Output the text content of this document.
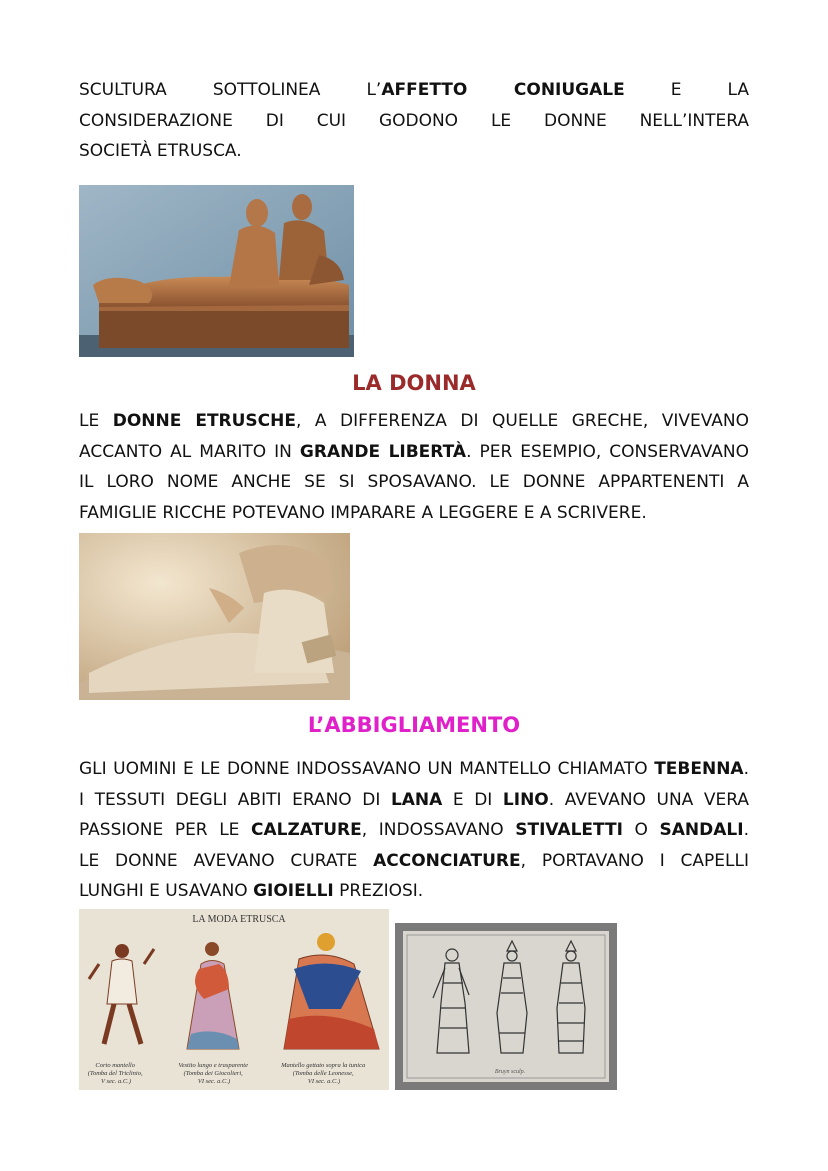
SCULTURA SOTTOLINEA L’AFFETTO CONIUGALE E LA
CONSIDERAZIONE DI CUI GODONO LE DONNE NELL’INTERA
SOCIETÀ ETRUSCA.
LA DONNA
LE DONNE ETRUSCHE, A DIFFERENZA DI QUELLE GRECHE, VIVEVANO
ACCANTO AL MARITO IN GRANDE LIBERTÀ. PER ESEMPIO, CONSERVAVANO
IL LORO NOME ANCHE SE SI SPOSAVANO. LE DONNE APPARTENENTI A
FAMIGLIE RICCHE POTEVANO IMPARARE A LEGGERE E A SCRIVERE.
L’ABBIGLIAMENTO
GLI UOMINI E LE DONNE INDOSSAVANO UN MANTELLO CHIAMATO TEBENNA.
I TESSUTI DEGLI ABITI ERANO DI LANA E DI LINO. AVEVANO UNA VERA
PASSIONE PER LE CALZATURE, INDOSSAVANO STIVALETTI O SANDALI.
LE DONNE AVEVANO CURATE ACCONCIATURE, PORTAVANO I CAPELLI
LUNGHI E USAVANO GIOIELLI PREZIOSI.
LA MODA ETRUSCA
Corto mantello (Tomba del Triclinio, V sec. a.C.)
Vestito lungo e trasparente (Tomba dei Giocolieri, VI sec. a.C.)
Mantello gettato sopra la tunica (Tomba delle Leonesse, VI sec. a.C.)
Bruyn sculp.
